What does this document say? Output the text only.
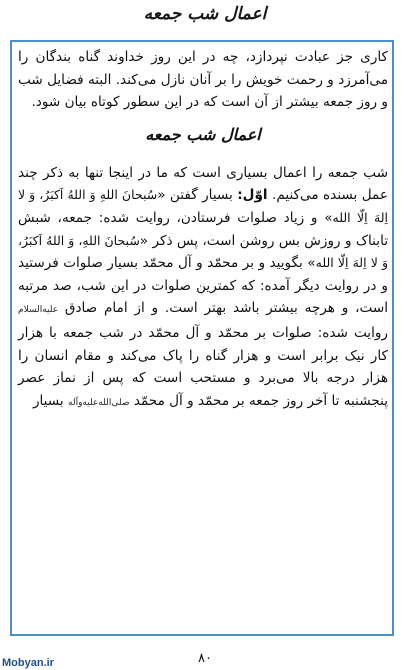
اعمال شب جمعه

کاری جز عبادت نپردازد، چه در این روز خداوند گناه بندگان را می‌آمرزد و رحمت خویش را بر آنان نازل می‌کند. البته فضایل شب و روز جمعه بیشتر از آن است که در این سطور کوتاه بیان شود.

اعمال شب جمعه

شب جمعه را اعمال بسیاری است که ما در اینجا تنها به ذکر چند عمل بسنده می‌کنیم. اوّل: بسیار گفتن «سُبحانَ اللهِ وَ اللهُ اَکبَرُ، وَ لا اِلهَ اِلّا الله» و زیاد صلوات فرستادن، روایت شده: جمعه، شبش تابناک و روزش بس روشن است، پس ذکر «سُبحانَ اللهِ، وَ اللهُ اَکبَرُ، وَ لا اِلهَ اِلّا الله» بگویید و بر محمّد و آل محمّد بسیار صلوات فرستید و در روایت دیگر آمده: که کمترین صلوات در این شب، صد مرتبه است، و هرچه بیشتر باشد بهتر است. و از امام صادق علیه‌السلام روایت شده: صلوات بر محمّد و آل محمّد در شب جمعه با هزار کار نیک برابر است و هزار گناه را پاک می‌کند و مقام انسان را هزار درجه بالا می‌برد و مستحب است که پس از نماز عصر پنجشنبه تا آخر روز جمعه بر محمّد و آل محمّد صلی‌الله‌علیه‌وآله بسیار

Mobyan.ir	۸۰
